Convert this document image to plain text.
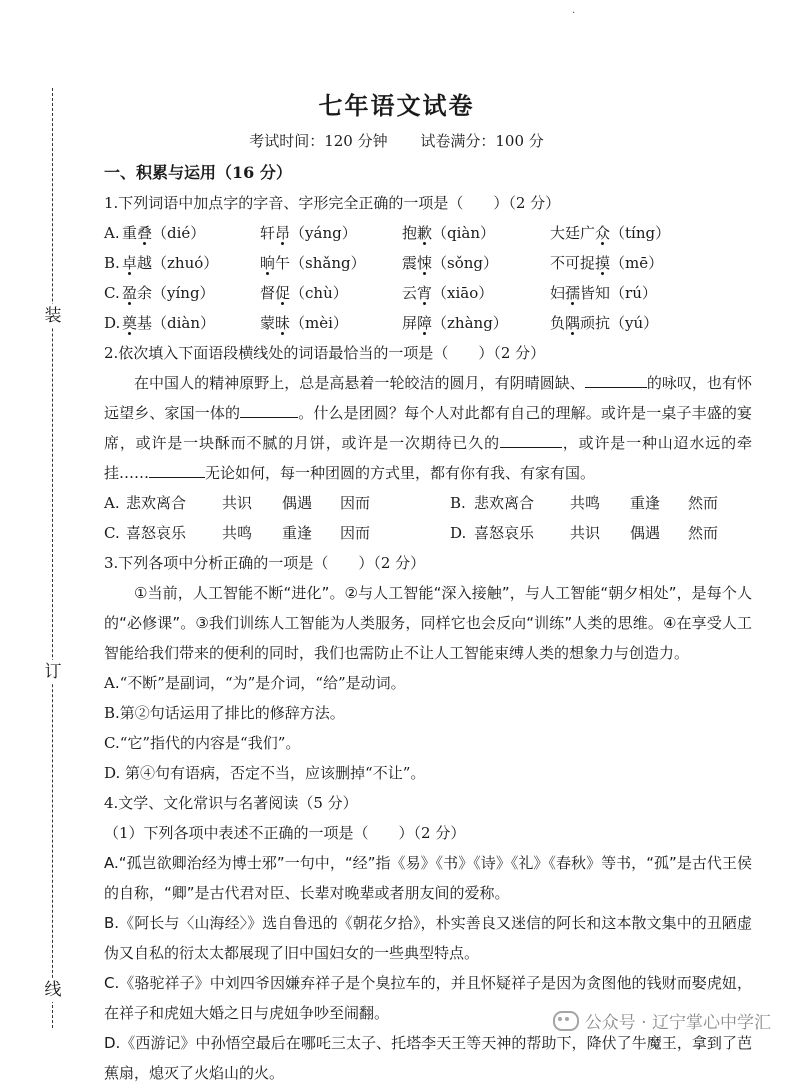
装
订
线
·
七年语文试卷
考试时间：120 分钟 试卷满分：100 分
一、积累与运用（16 分）
1.下列词语中加点字的字音、字形完全正确的一项是（　　）（2 分）
A. 重叠（dié）	轩昂（yáng）	抱歉（qiàn）	大廷广众（tíng）
B. 卓越（zhuó）	晌午（shǎng） 震悚（sǒng）	不可捉摸（mē）
C. 盈余（yíng）	督促（chù）	云宵（xiāo）	妇孺皆知（rú）
D. 奠基（diàn）	蒙昧（mèi）	屏障（zhàng）	负隅顽抗（yú）
2.依次填入下面语段横线处的词语最恰当的一项是（　　）（2 分）
在中国人的精神原野上，总是高悬着一轮皎洁的圆月，有阴晴圆缺、	的咏叹，也有怀远望乡、家国一体的	。什么是团圆？每个人对此都有自己的理解。或许是一桌子丰盛的宴席，或许是一块酥而不腻的月饼，或许是一次期待已久的	，或许是一种山迢水远的牵挂……	无论如何，每一种团圆的方式里，都有你有我、有家有国。
A. 悲欢离合 共识 偶遇 因而	B. 悲欢离合 共鸣 重逢 然而
C. 喜怒哀乐 共鸣 重逢 因而	D. 喜怒哀乐 共识 偶遇 然而
3.下列各项中分析正确的一项是（　　）（2 分）
①当前，人工智能不断“进化”。②与人工智能“深入接触”，与人工智能“朝夕相处”，是每个人的“必修课”。③我们训练人工智能为人类服务，同样它也会反向“训练”人类的思维。④在享受人工智能给我们带来的便利的同时，我们也需防止不让人工智能束缚人类的想象力与创造力。
A.“不断”是副词，“为”是介词，“给”是动词。
B.第②句话运用了排比的修辞方法。
C.“它”指代的内容是“我们”。
D. 第④句有语病，否定不当，应该删掉“不让”。
4.文学、文化常识与名著阅读（5 分）
（1）下列各项中表述不正确的一项是（　　）（2 分）
A.“孤岂欲卿治经为博士邪”一句中，“经”指《易》《书》《诗》《礼》《春秋》等书，“孤”是古代王侯的自称，“卿”是古代君对臣、长辈对晚辈或者朋友间的爱称。
B.《阿长与〈山海经〉》选自鲁迅的《朝花夕拾》，朴实善良又迷信的阿长和这本散文集中的丑陋虚伪又自私的衍太太都展现了旧中国妇女的一些典型特点。
C.《骆驼祥子》中刘四爷因嫌弃祥子是个臭拉车的，并且怀疑祥子是因为贪图他的钱财而娶虎妞，在祥子和虎妞大婚之日与虎妞争吵至闹翻。
D.《西游记》中孙悟空最后在哪吒三太子、托塔李天王等天神的帮助下，降伏了牛魔王，拿到了芭蕉扇，熄灭了火焰山的火。
公众号 · 辽宁掌心中学汇
